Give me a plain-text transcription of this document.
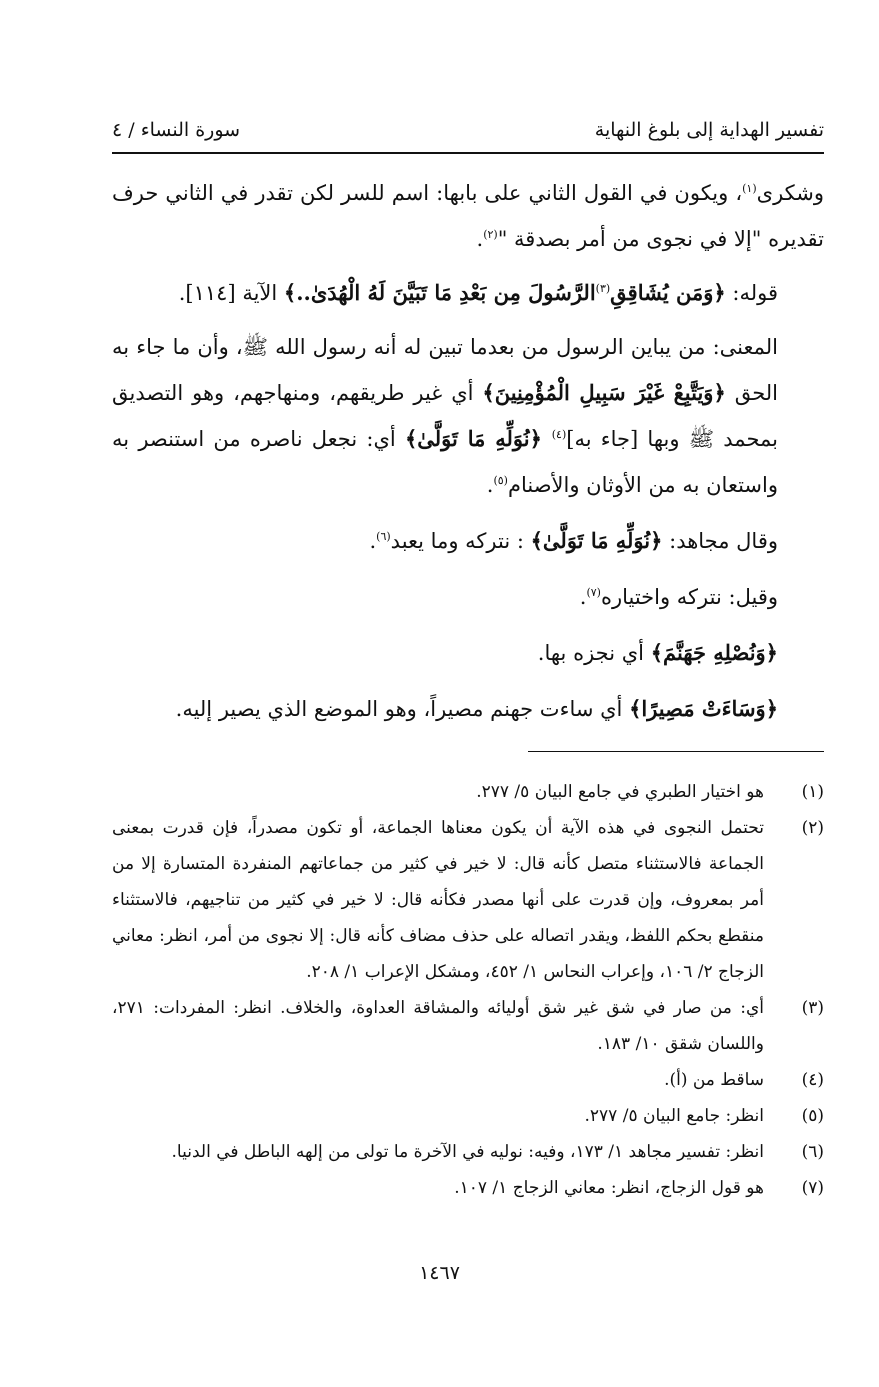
تفسير الهداية إلى بلوغ النهاية
سورة النساء / ٤

وشكرى$^{(١)}$، ويكون في القول الثاني على بابها: اسم للسر لكن تقدر في الثاني حرف تقديره "إلا في نجوى من أمر بصدقة "$^{(٢)}$.

قوله: ﴿وَمَن يُشَاقِقِ$^{(٣)}$الرَّسُولَ مِن بَعْدِ مَا تَبَيَّنَ لَهُ الْهُدَىٰ..﴾ الآية [١١٤].

المعنى: من يباين الرسول من بعدما تبين له أنه رسول الله ﷺ، وأن ما جاء به الحق ﴿وَيَتَّبِعْ غَيْرَ سَبِيلِ الْمُؤْمِنِينَ﴾ أي غير طريقهم، ومنهاجهم، وهو التصديق بمحمد ﷺ وبها [جاء به]$^{(٤)}$ ﴿نُوَلِّهِ مَا تَوَلَّىٰ﴾ أي: نجعل ناصره من استنصر به واستعان به من الأوثان والأصنام$^{(٥)}$.

وقال مجاهد: ﴿نُوَلِّهِ مَا تَوَلَّىٰ﴾ : نتركه وما يعبد$^{(٦)}$.

وقيل: نتركه واختياره$^{(٧)}$.

﴿وَنُصْلِهِ جَهَنَّمَ﴾ أي نجزه بها.

﴿وَسَاءَتْ مَصِيرًا﴾ أي ساءت جهنم مصيراً، وهو الموضع الذي يصير إليه.

(١)
هو اختيار الطبري في جامع البيان ٥/ ٢٧٧.
(٢)
تحتمل النجوى في هذه الآية أن يكون معناها الجماعة، أو تكون مصدراً، فإن قدرت بمعنى الجماعة فالاستثناء متصل كأنه قال: لا خير في كثير من جماعاتهم المنفردة المتسارة إلا من أمر بمعروف، وإن قدرت على أنها مصدر فكأنه قال: لا خير في كثير من تناجيهم، فالاستثناء منقطع بحكم اللفظ، ويقدر اتصاله على حذف مضاف كأنه قال: إلا نجوى من أمر، انظر: معاني الزجاج ٢/ ١٠٦، وإعراب النحاس ١/ ٤٥٢، ومشكل الإعراب ١/ ٢٠٨.
(٣)
أي: من صار في شق غير شق أوليائه والمشاقة العداوة، والخلاف. انظر: المفردات: ٢٧١، واللسان شقق ١٠/ ١٨٣.
(٤)
ساقط من (أ).
(٥)
انظر: جامع البيان ٥/ ٢٧٧.
(٦)
انظر: تفسير مجاهد ١/ ١٧٣، وفيه: نوليه في الآخرة ما تولى من إلهه الباطل في الدنيا.
(٧)
هو قول الزجاج، انظر: معاني الزجاج ١/ ١٠٧.
١٤٦٧
